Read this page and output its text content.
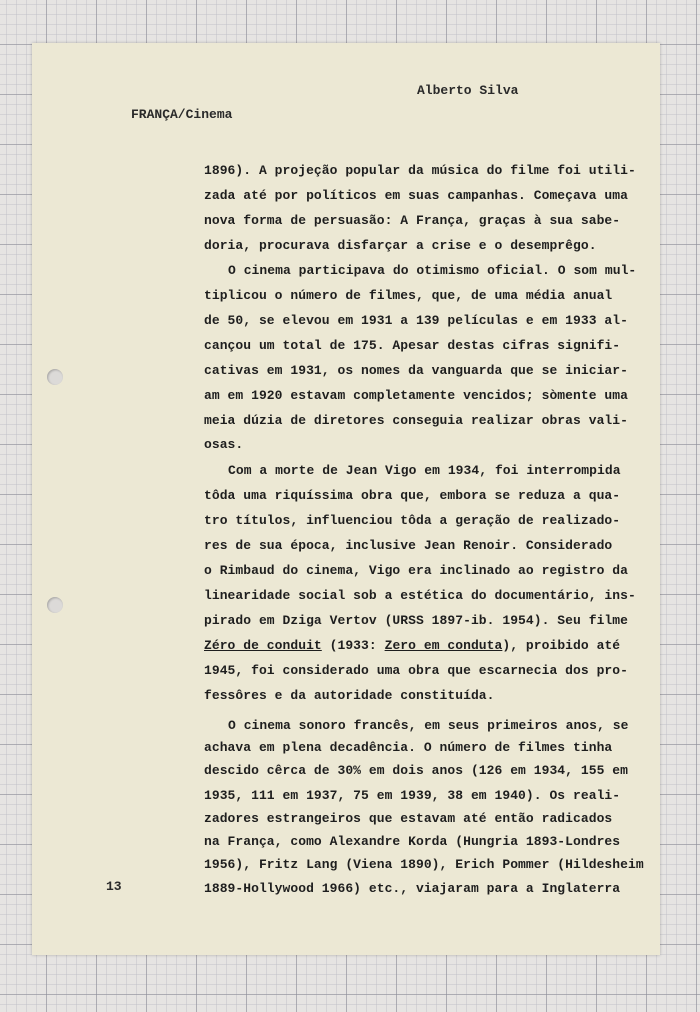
Alberto Silva
FRANÇA/Cinema
1896). A projeção popular da música do filme foi utili-
zada até por políticos em suas campanhas. Começava uma
nova forma de persuasão: A França, graças à sua sabe-
doria, procurava disfarçar a crise e o desemprêgo.
O cinema participava do otimismo oficial. O som mul-
tiplicou o número de filmes, que, de uma média anual
de 50, se elevou em 1931 a 139 películas e em 1933 al-
cançou um total de 175. Apesar destas cifras signifi-
cativas em 1931, os nomes da vanguarda que se iniciar-
am em 1920 estavam completamente vencidos; sòmente uma
meia dúzia de diretores conseguia realizar obras vali-
osas.
Com a morte de Jean Vigo em 1934, foi interrompida
tôda uma riquíssima obra que, embora se reduza a qua-
tro títulos, influenciou tôda a geração de realizado-
res de sua época, inclusive Jean Renoir. Considerado
o Rimbaud do cinema, Vigo era inclinado ao registro da
linearidade social sob a estética do documentário, ins-
pirado em Dziga Vertov (URSS 1897-ib. 1954). Seu filme
Zéro de conduit (1933: Zero em conduta), proibido até
1945, foi considerado uma obra que escarnecia dos pro-
fessôres e da autoridade constituída.
O cinema sonoro francês, em seus primeiros anos, se
achava em plena decadência. O número de filmes tinha
descido cêrca de 30% em dois anos (126 em 1934, 155 em
1935, 111 em 1937, 75 em 1939, 38 em 1940). Os reali-
zadores estrangeiros que estavam até então radicados
na França, como Alexandre Korda (Hungria 1893-Londres
1956), Fritz Lang (Viena 1890), Erich Pommer (Hildesheim
1889-Hollywood 1966) etc., viajaram para a Inglaterra
13
